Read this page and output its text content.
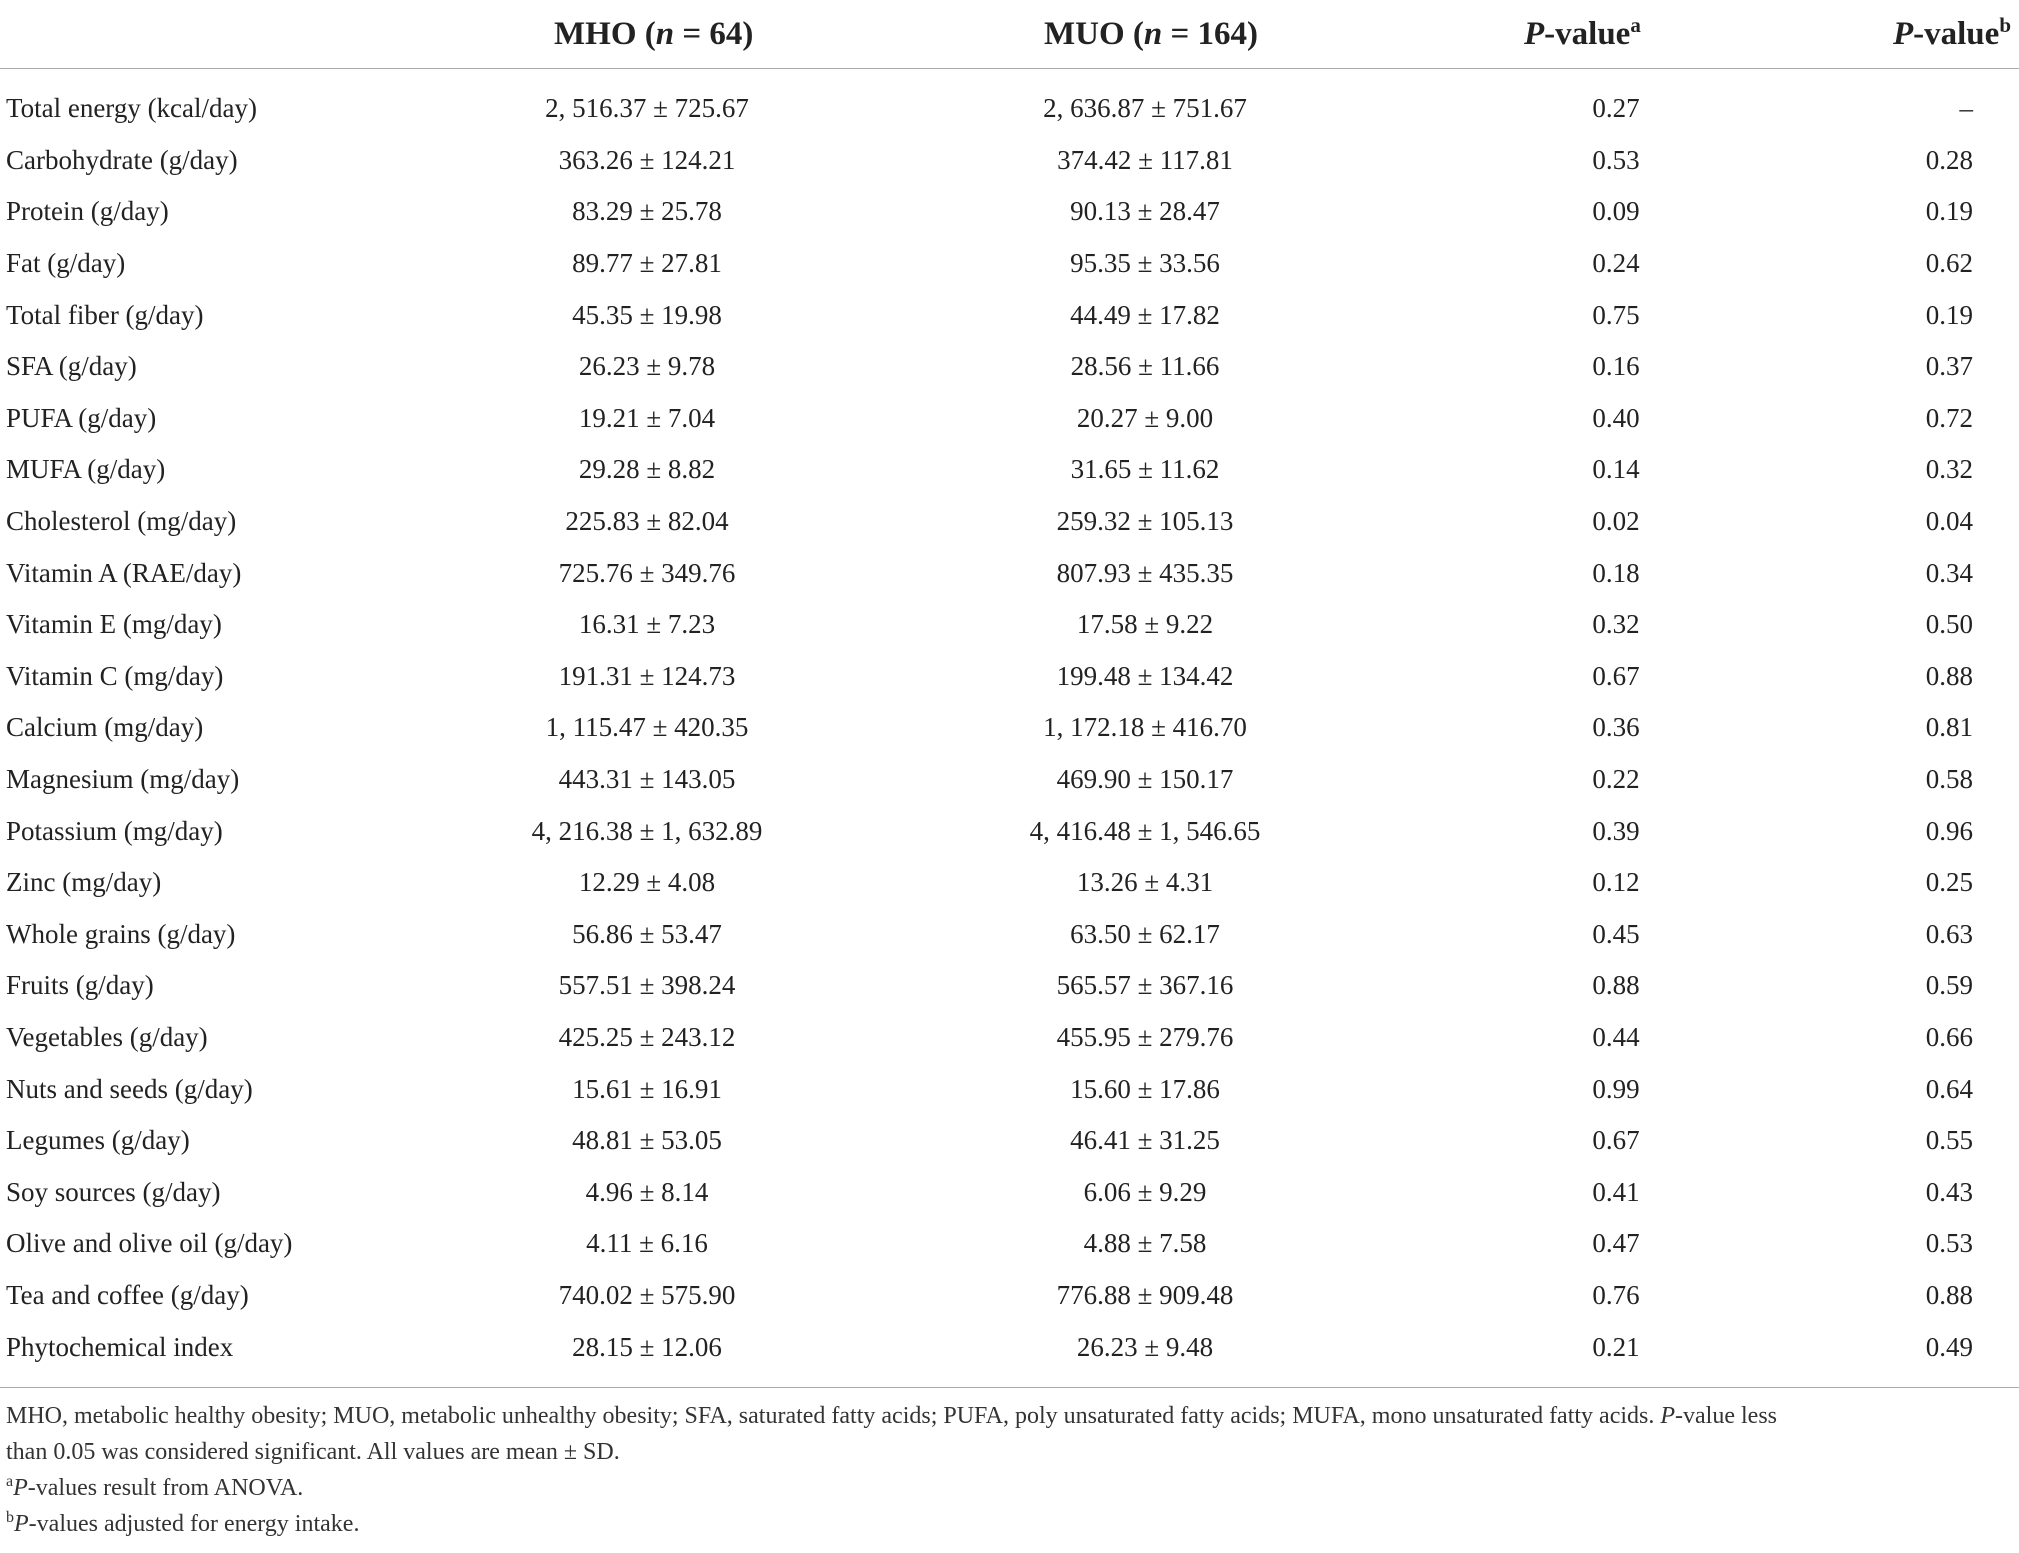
	MHO (n = 64)	MUO (n = 164)	P-value$^a$	P-value$^b$
Total energy (kcal/day)	2, 516.37 ± 725.67	2, 636.87 ± 751.67	0.27	–
Carbohydrate (g/day)	363.26 ± 124.21	374.42 ± 117.81	0.53	0.28
Protein (g/day)	83.29 ± 25.78	90.13 ± 28.47	0.09	0.19
Fat (g/day)	89.77 ± 27.81	95.35 ± 33.56	0.24	0.62
Total fiber (g/day)	45.35 ± 19.98	44.49 ± 17.82	0.75	0.19
SFA (g/day)	26.23 ± 9.78	28.56 ± 11.66	0.16	0.37
PUFA (g/day)	19.21 ± 7.04	20.27 ± 9.00	0.40	0.72
MUFA (g/day)	29.28 ± 8.82	31.65 ± 11.62	0.14	0.32
Cholesterol (mg/day)	225.83 ± 82.04	259.32 ± 105.13	0.02	0.04
Vitamin A (RAE/day)	725.76 ± 349.76	807.93 ± 435.35	0.18	0.34
Vitamin E (mg/day)	16.31 ± 7.23	17.58 ± 9.22	0.32	0.50
Vitamin C (mg/day)	191.31 ± 124.73	199.48 ± 134.42	0.67	0.88
Calcium (mg/day)	1, 115.47 ± 420.35	1, 172.18 ± 416.70	0.36	0.81
Magnesium (mg/day)	443.31 ± 143.05	469.90 ± 150.17	0.22	0.58
Potassium (mg/day)	4, 216.38 ± 1, 632.89	4, 416.48 ± 1, 546.65	0.39	0.96
Zinc (mg/day)	12.29 ± 4.08	13.26 ± 4.31	0.12	0.25
Whole grains (g/day)	56.86 ± 53.47	63.50 ± 62.17	0.45	0.63
Fruits (g/day)	557.51 ± 398.24	565.57 ± 367.16	0.88	0.59
Vegetables (g/day)	425.25 ± 243.12	455.95 ± 279.76	0.44	0.66
Nuts and seeds (g/day)	15.61 ± 16.91	15.60 ± 17.86	0.99	0.64
Legumes (g/day)	48.81 ± 53.05	46.41 ± 31.25	0.67	0.55
Soy sources (g/day)	4.96 ± 8.14	6.06 ± 9.29	0.41	0.43
Olive and olive oil (g/day)	4.11 ± 6.16	4.88 ± 7.58	0.47	0.53
Tea and coffee (g/day)	740.02 ± 575.90	776.88 ± 909.48	0.76	0.88
Phytochemical index	28.15 ± 12.06	26.23 ± 9.48	0.21	0.49

MHO, metabolic healthy obesity; MUO, metabolic unhealthy obesity; SFA, saturated fatty acids; PUFA, poly unsaturated fatty acids; MUFA, mono unsaturated fatty acids. P-value less

than 0.05 was considered significant. All values are mean ± SD.

$^a$P-values result from ANOVA.

$^b$P-values adjusted for energy intake.
